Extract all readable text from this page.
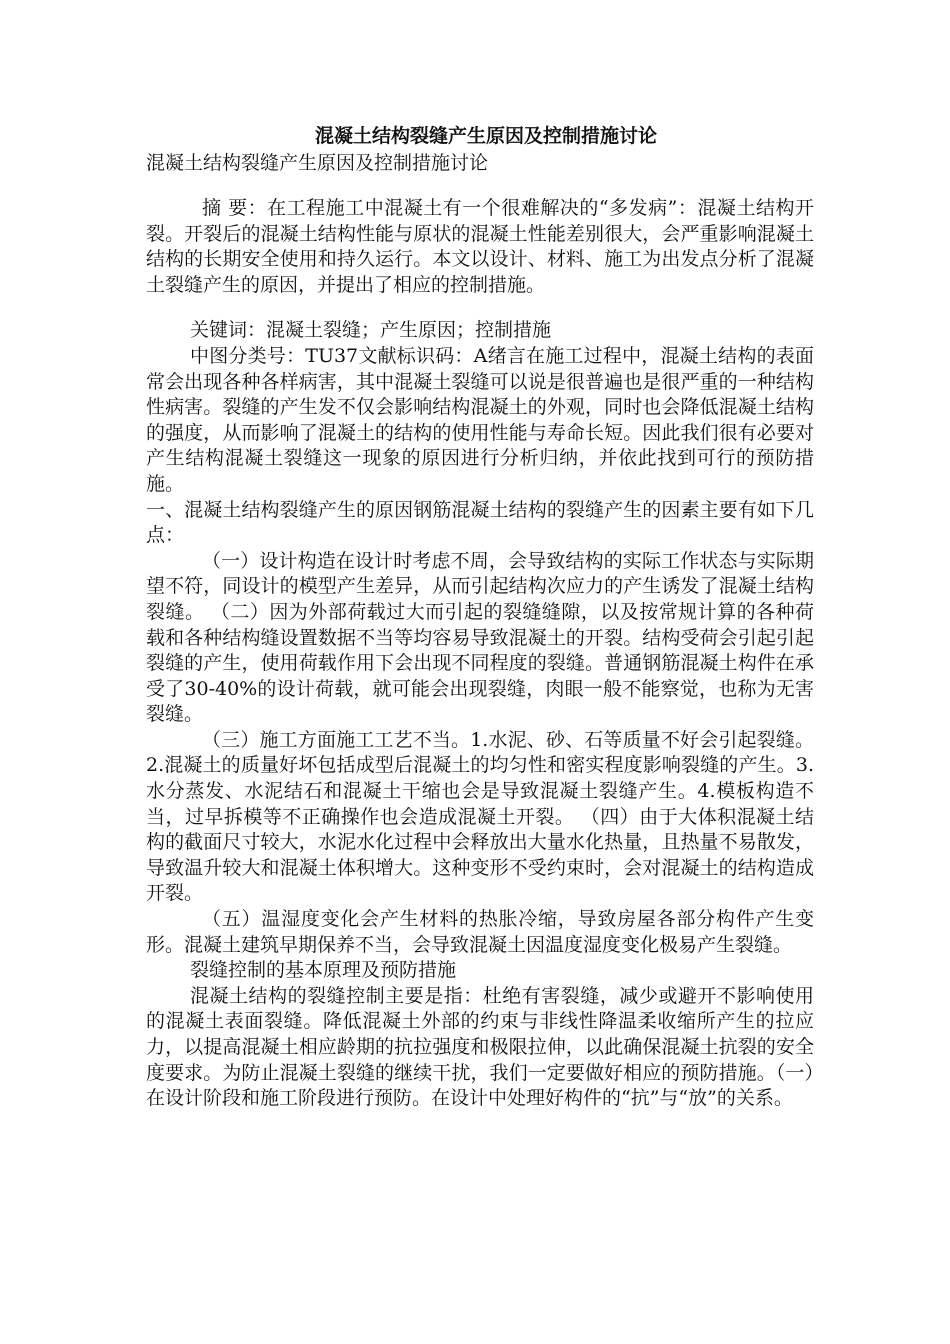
混凝土结构裂缝产生原因及控制措施讨论

混凝土结构裂缝产生原因及控制措施讨论

摘 要：在工程施工中混凝土有一个很难解决的“多发病”：混凝土结构开裂。开裂后的混凝土结构性能与原状的混凝土性能差别很大，会严重影响混凝土结构的长期安全使用和持久运行。本文以设计、材料、施工为出发点分析了混凝土裂缝产生的原因，并提出了相应的控制措施。

关键词：混凝土裂缝；产生原因；控制措施

中图分类号：TU37文献标识码：A绪言在施工过程中，混凝土结构的表面常会出现各种各样病害，其中混凝土裂缝可以说是很普遍也是很严重的一种结构性病害。裂缝的产生发不仅会影响结构混凝土的外观，同时也会降低混凝土结构的强度，从而影响了混凝土的结构的使用性能与寿命长短。因此我们很有必要对产生结构混凝土裂缝这一现象的原因进行分析归纳，并依此找到可行的预防措施。

一、混凝土结构裂缝产生的原因钢筋混凝土结构的裂缝产生的因素主要有如下几点：

（一）设计构造在设计时考虑不周，会导致结构的实际工作状态与实际期望不符，同设计的模型产生差异，从而引起结构次应力的产生诱发了混凝土结构裂缝。 （二）因为外部荷载过大而引起的裂缝缝隙，以及按常规计算的各种荷载和各种结构缝设置数据不当等均容易导致混凝土的开裂。结构受荷会引起引起裂缝的产生，使用荷载作用下会出现不同程度的裂缝。普通钢筋混凝土构件在承受了30-40%的设计荷载，就可能会出现裂缝，肉眼一般不能察觉，也称为无害裂缝。

（三）施工方面施工工艺不当。1.水泥、砂、石等质量不好会引起裂缝。2.混凝土的质量好坏包括成型后混凝土的均匀性和密实程度影响裂缝的产生。3.水分蒸发、水泥结石和混凝土干缩也会是导致混凝土裂缝产生。4.模板构造不当，过早拆模等不正确操作也会造成混凝土开裂。 （四）由于大体积混凝土结构的截面尺寸较大，水泥水化过程中会释放出大量水化热量，且热量不易散发，导致温升较大和混凝土体积增大。这种变形不受约束时，会对混凝土的结构造成开裂。

（五）温湿度变化会产生材料的热胀冷缩，导致房屋各部分构件产生变形。混凝土建筑早期保养不当，会导致混凝土因温度湿度变化极易产生裂缝。

裂缝控制的基本原理及预防措施

混凝土结构的裂缝控制主要是指：杜绝有害裂缝，减少或避开不影响使用的混凝土表面裂缝。降低混凝土外部的约束与非线性降温柔收缩所产生的拉应力，以提高混凝土相应龄期的抗拉强度和极限拉伸，以此确保混凝土抗裂的安全度要求。为防止混凝土裂缝的继续干扰，我们一定要做好相应的预防措施。（一）在设计阶段和施工阶段进行预防。在设计中处理好构件的“抗”与“放”的关系。
